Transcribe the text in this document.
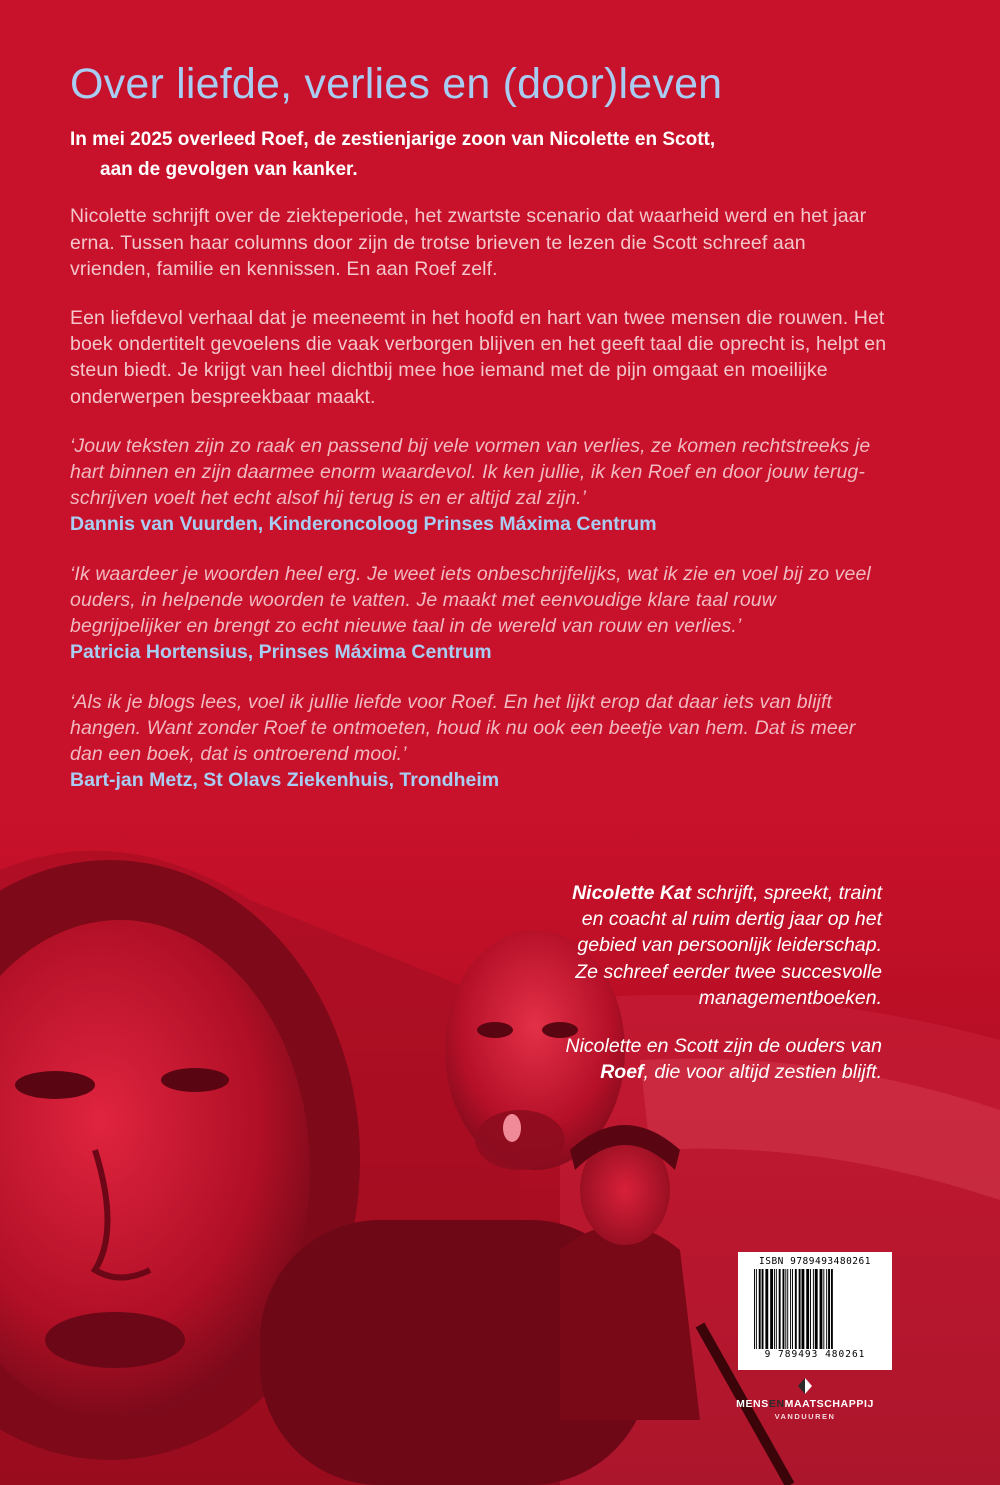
Over liefde, verlies en (door)leven

In mei 2025 overleed Roef, de zestienjarige zoon van Nicolette en Scott,
aan de gevolgen van kanker.

Nicolette schrijft over de ziekteperiode, het zwartste scenario dat waarheid werd en het jaar erna. Tussen haar columns door zijn de trotse brieven te lezen die Scott schreef aan vrienden, familie en kennissen. En aan Roef zelf.

Een liefdevol verhaal dat je meeneemt in het hoofd en hart van twee mensen die rouwen. Het boek ondertitelt gevoelens die vaak verborgen blijven en het geeft taal die oprecht is, helpt en steun biedt. Je krijgt van heel dichtbij mee hoe iemand met de pijn omgaat en moeilijke onderwerpen bespreekbaar maakt.

‘Jouw teksten zijn zo raak en passend bij vele vormen van verlies, ze komen rechtstreeks je hart binnen en zijn daarmee enorm waardevol. Ik ken jullie, ik ken Roef en door jouw terug-schrijven voelt het echt alsof hij terug is en er altijd zal zijn.’

Dannis van Vuurden, Kinderoncoloog Prinses Máxima Centrum

‘Ik waardeer je woorden heel erg. Je weet iets onbeschrijfelijks, wat ik zie en voel bij zo veel ouders, in helpende woorden te vatten. Je maakt met eenvoudige klare taal rouw begrijpelijker en brengt zo echt nieuwe taal in de wereld van rouw en verlies.’

Patricia Hortensius, Prinses Máxima Centrum

‘Als ik je blogs lees, voel ik jullie liefde voor Roef. En het lijkt erop dat daar iets van blijft hangen. Want zonder Roef te ontmoeten, houd ik nu ook een beetje van hem. Dat is meer dan een boek, dat is ontroerend mooi.’

Bart-jan Metz, St Olavs Ziekenhuis, Trondheim

Nicolette Kat schrijft, spreekt, traint en coacht al ruim dertig jaar op het gebied van persoonlijk leiderschap. Ze schreef eerder twee succesvolle managementboeken.

Nicolette en Scott zijn de ouders van Roef, die voor altijd zestien blijft.

ISBN 9789493480261
9 789493 480261
MENSENMAATSCHAPPIJ
VANDUUREN
